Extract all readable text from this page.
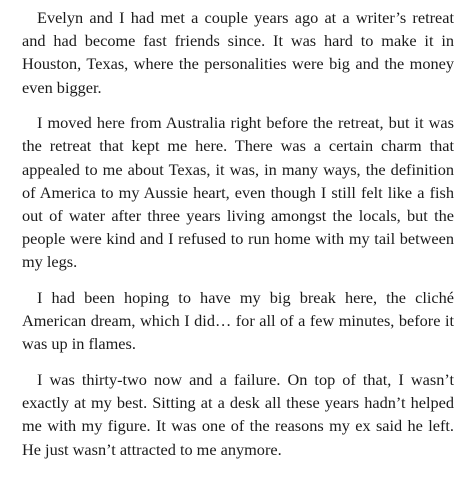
Evelyn and I had met a couple years ago at a writer’s retreat and had become fast friends since. It was hard to make it in Houston, Texas, where the personalities were big and the money even bigger.

I moved here from Australia right before the retreat, but it was the retreat that kept me here. There was a certain charm that appealed to me about Texas, it was, in many ways, the definition of America to my Aussie heart, even though I still felt like a fish out of water after three years living amongst the locals, but the people were kind and I refused to run home with my tail between my legs.

I had been hoping to have my big break here, the cliché American dream, which I did… for all of a few minutes, before it was up in flames.

I was thirty-two now and a failure. On top of that, I wasn’t exactly at my best. Sitting at a desk all these years hadn’t helped me with my figure. It was one of the reasons my ex said he left. He just wasn’t attracted to me anymore.
